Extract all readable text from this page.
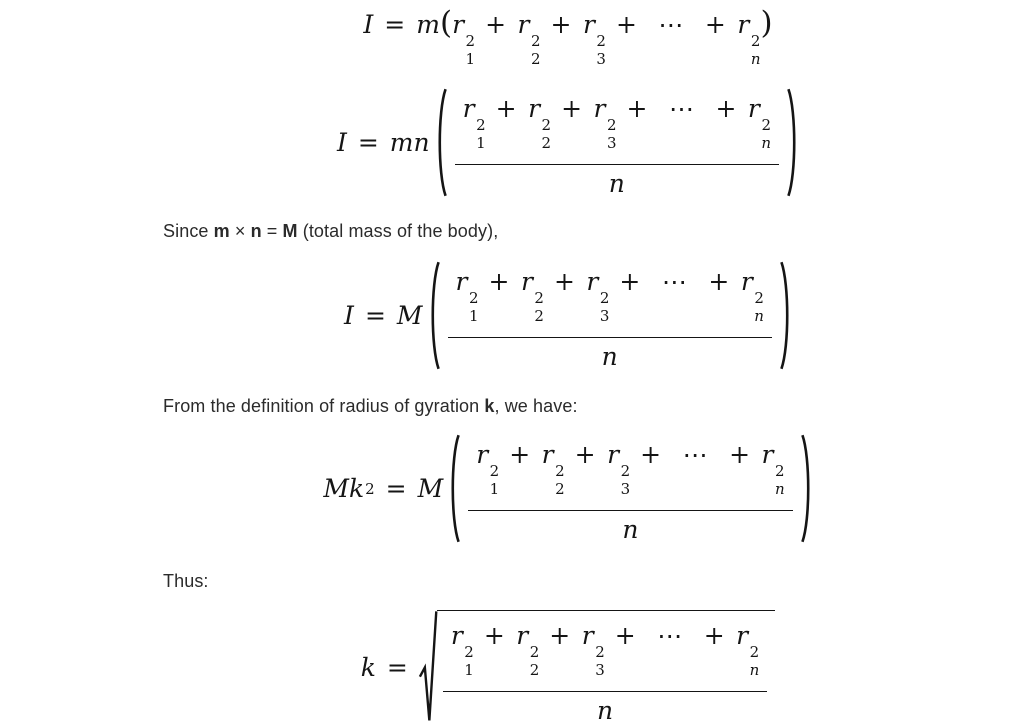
I = m ( r
2
1
+ r
2
2
+ r
2
3
+ ⋯ + r
2
n
)
I = mn
r
2
1
+ r
2
2
+ r
2
3
+ ⋯ + r
2
n
n

Since m × n = M (total mass of the body),

I = M
r
2
1
+ r
2
2
+ r
2
3
+ ⋯ + r
2
n
n

From the definition of radius of gyration k, we have:

M k 2 = M
r
2
1
+ r
2
2
+ r
2
3
+ ⋯ + r
2
n
n

Thus:

k =
r
2
1
+ r
2
2
+ r
2
3
+ ⋯ + r
2
n
n
